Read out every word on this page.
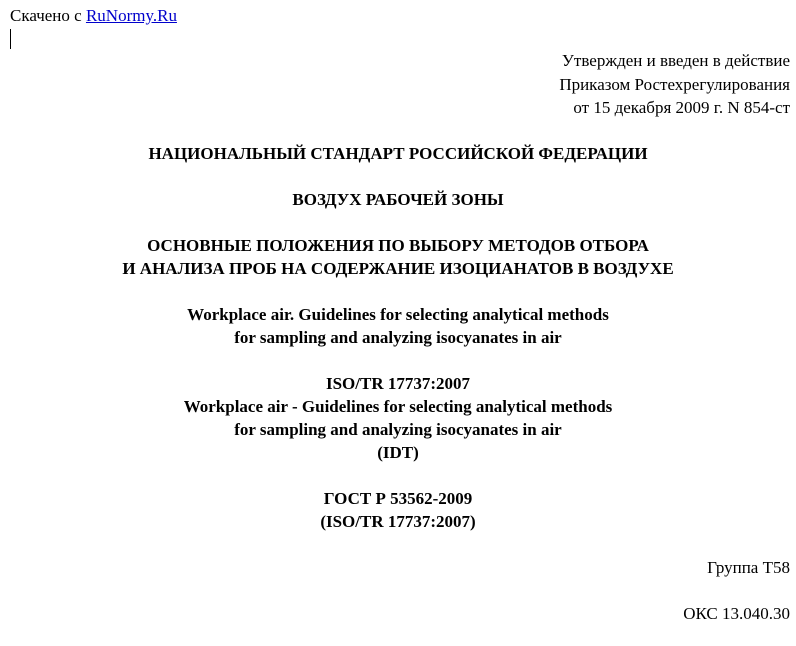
Скачено с RuNormy.Ru
Утвержден и введен в действие
Приказом Ростехрегулирования
от 15 декабря 2009 г. N 854-ст
НАЦИОНАЛЬНЫЙ СТАНДАРТ РОССИЙСКОЙ ФЕДЕРАЦИИ
ВОЗДУХ РАБОЧЕЙ ЗОНЫ
ОСНОВНЫЕ ПОЛОЖЕНИЯ ПО ВЫБОРУ МЕТОДОВ ОТБОРА
И АНАЛИЗА ПРОБ НА СОДЕРЖАНИЕ ИЗОЦИАНАТОВ В ВОЗДУХЕ
Workplace air. Guidelines for selecting analytical methods
for sampling and analyzing isocyanates in air
ISO/TR 17737:2007
Workplace air - Guidelines for selecting analytical methods
for sampling and analyzing isocyanates in air
(IDT)
ГОСТ Р 53562-2009
(ISO/TR 17737:2007)
Группа Т58
ОКС 13.040.30
